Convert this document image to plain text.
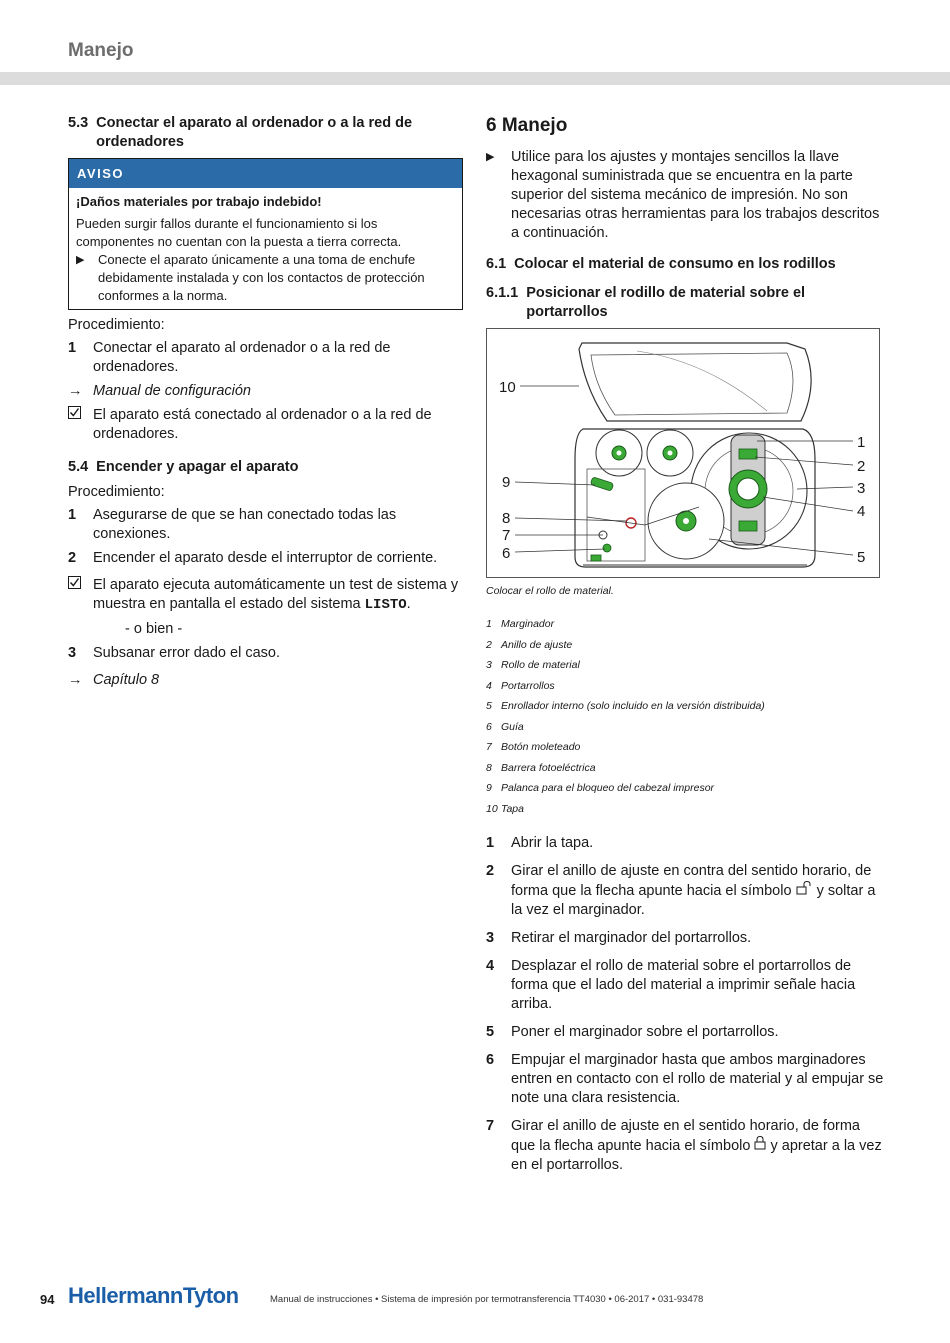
Manejo
5.3 Conectar el aparato al ordenador o a la red de ordenadores
AVISO
¡Daños materiales por trabajo indebido!
Pueden surgir fallos durante el funcionamiento si los componentes no cuentan con la puesta a tierra correcta.
▶	Conecte el aparato únicamente a una toma de enchufe debidamente instalada y con los contactos de protección conformes a la norma.
Procedimiento:
1	Conectar el aparato al ordenador o a la red de ordenadores.
→ Manual de configuración
El aparato está conectado al ordenador o a la red de ordenadores.
5.4 Encender y apagar el aparato
Procedimiento:
1	Asegurarse de que se han conectado todas las conexiones.
2	Encender el aparato desde el interruptor de corriente.
El aparato ejecuta automáticamente un test de sistema y muestra en pantalla el estado del sistema LISTO.
- o bien -
3	Subsanar error dado el caso.
→ Capítulo 8
6 Manejo
▶	Utilice para los ajustes y montajes sencillos la llave hexagonal suministrada que se encuentra en la parte superior del sistema mecánico de impresión. No son necesarias otras herramientas para los trabajos descritos a continuación.
6.1 Colocar el material de consumo en los rodillos
6.1.1 Posicionar el rodillo de material sobre el portarrollos
10
9
8
7
6
1
2
3
4
5
Colocar el rollo de material.
1 Marginador
2 Anillo de ajuste
3 Rollo de material
4 Portarrollos
5 Enrollador interno (solo incluido en la versión distribuida)
6 Guía
7 Botón moleteado
8 Barrera fotoeléctrica
9 Palanca para el bloqueo del cabezal impresor
10 Tapa
1	Abrir la tapa.
2	Girar el anillo de ajuste en contra del sentido horario, de forma que la flecha apunte hacia el símbolo  y soltar a la vez el marginador.
3	Retirar el marginador del portarrollos.
4	Desplazar el rollo de material sobre el portarrollos de forma que el lado del material a imprimir señale hacia arriba.
5	Poner el marginador sobre el portarrollos.
6	Empujar el marginador hasta que ambos marginadores entren en contacto con el rollo de material y al empujar se note una clara resistencia.
7	Girar el anillo de ajuste en el sentido horario, de forma que la flecha apunte hacia el símbolo  y apretar a la vez en el portarrollos.
94 HellermannTyton	Manual de instrucciones • Sistema de impresión por termotransferencia TT4030 • 06-2017 • 031-93478
